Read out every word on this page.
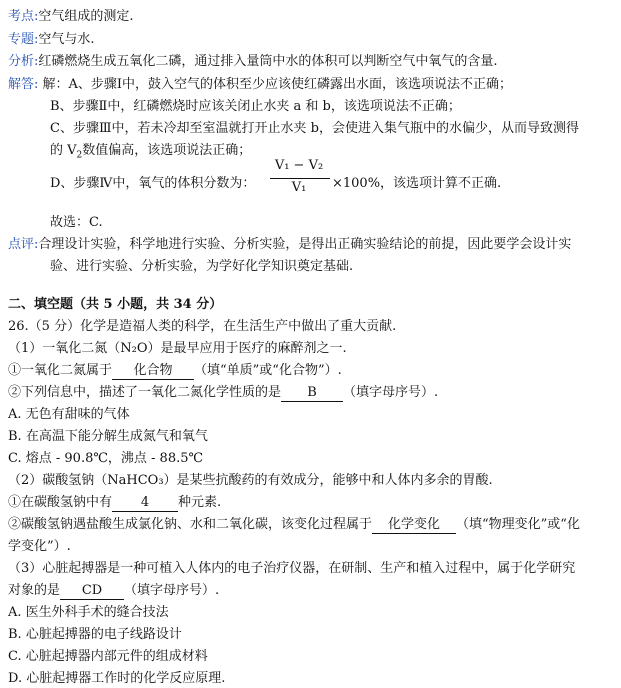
考点:空气组成的测定.
专题:空气与水.
分析:红磷燃烧生成五氧化二磷，通过排入量筒中水的体积可以判断空气中氧气的含量.
解答: 解：A、步骤Ⅰ中，鼓入空气的体积至少应该使红磷露出水面，该选项说法不正确；
B、步骤Ⅱ中，红磷燃烧时应该关闭止水夹 a 和 b，该选项说法不正确；
C、步骤Ⅲ中，若未冷却至室温就打开止水夹 b，会使进入集气瓶中的水偏少，从而导致测得
的 $V_2$数值偏高，该选项说法正确；
D、步骤Ⅳ中，氧气的体积分数为：
V₁ − V₂
V₁	×100%，该选项计算不正确.
故选：C.
点评:合理设计实验，科学地进行实验、分析实验，是得出正确实验结论的前提，因此要学会设计实
验、进行实验、分析实验，为学好化学知识奠定基础.
二、填空题（共 5 小题，共 34 分）
26.（5 分）化学是造福人类的科学，在生活生产中做出了重大贡献.
（1）一氧化二氮（N₂O）是最早应用于医疗的麻醉剂之一.
①一氧化二氮属于 化合物 （填“单质”或“化合物”）.
②下列信息中，描述了一氧化二氮化学性质的是 B （填字母序号）.
A. 无色有甜味的气体
B. 在高温下能分解生成氮气和氧气
C. 熔点 - 90.8℃，沸点 - 88.5℃
（2）碳酸氢钠（NaHCO₃）是某些抗酸药的有效成分，能够中和人体内多余的胃酸.
①在碳酸氢钠中有 4 种元素.
②碳酸氢钠遇盐酸生成氯化钠、水和二氧化碳，该变化过程属于 化学变化 （填“物理变化”或“化
学变化”）.
（3）心脏起搏器是一种可植入人体内的电子治疗仪器，在研制、生产和植入过程中，属于化学研究
对象的是 CD （填字母序号）.
A. 医生外科手术的缝合技法
B. 心脏起搏器的电子线路设计
C. 心脏起搏器内部元件的组成材料
D. 心脏起搏器工作时的化学反应原理.
